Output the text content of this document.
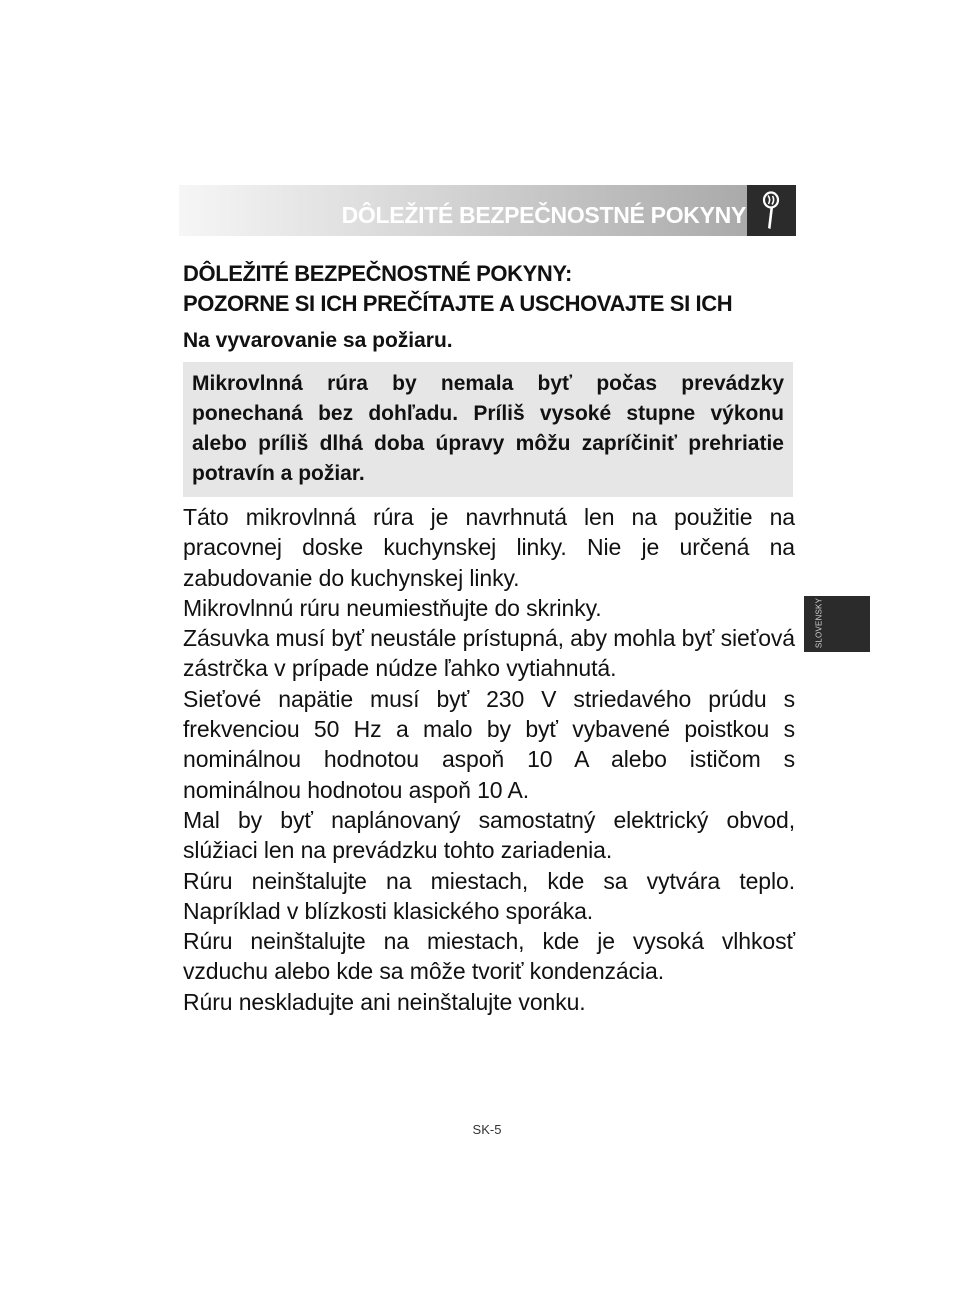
DÔLEŽITÉ BEZPEČNOSTNÉ POKYNY
DÔLEŽITÉ BEZPEČNOSTNÉ POKYNY:
POZORNE SI ICH PREČÍTAJTE A USCHOVAJTE SI ICH
Na vyvarovanie sa požiaru.

Mikrovlnná rúra by nemala byť počas prevádzky ponechaná bez dohľadu. Príliš vysoké stupne výkonu alebo príliš dlhá doba úpravy môžu zapríčiniť prehriatie potravín a požiar.

Táto mikrovlnná rúra je navrhnutá len na použitie na pracovnej doske kuchynskej linky. Nie je určená na zabudovanie do kuchynskej linky.

Mikrovlnnú rúru neumiestňujte do skrinky.

Zásuvka musí byť neustále prístupná, aby mohla byť sieťová zástrčka v prípade núdze ľahko vytiahnutá.

Sieťové napätie musí byť 230 V striedavého prúdu s frekvenciou 50 Hz a malo by byť vybavené poistkou s nominálnou hodnotou aspoň 10 A alebo ističom s nominálnou hodnotou aspoň 10 A.

Mal by byť naplánovaný samostatný elektrický obvod, slúžiaci len na prevádzku tohto zariadenia.

Rúru neinštalujte na miestach, kde sa vytvára teplo. Napríklad v blízkosti klasického sporáka.

Rúru neinštalujte na miestach, kde je vysoká vlhkosť vzduchu alebo kde sa môže tvoriť kondenzácia.

Rúru neskladujte ani neinštalujte vonku.

SLOVENSKY
SK-5
